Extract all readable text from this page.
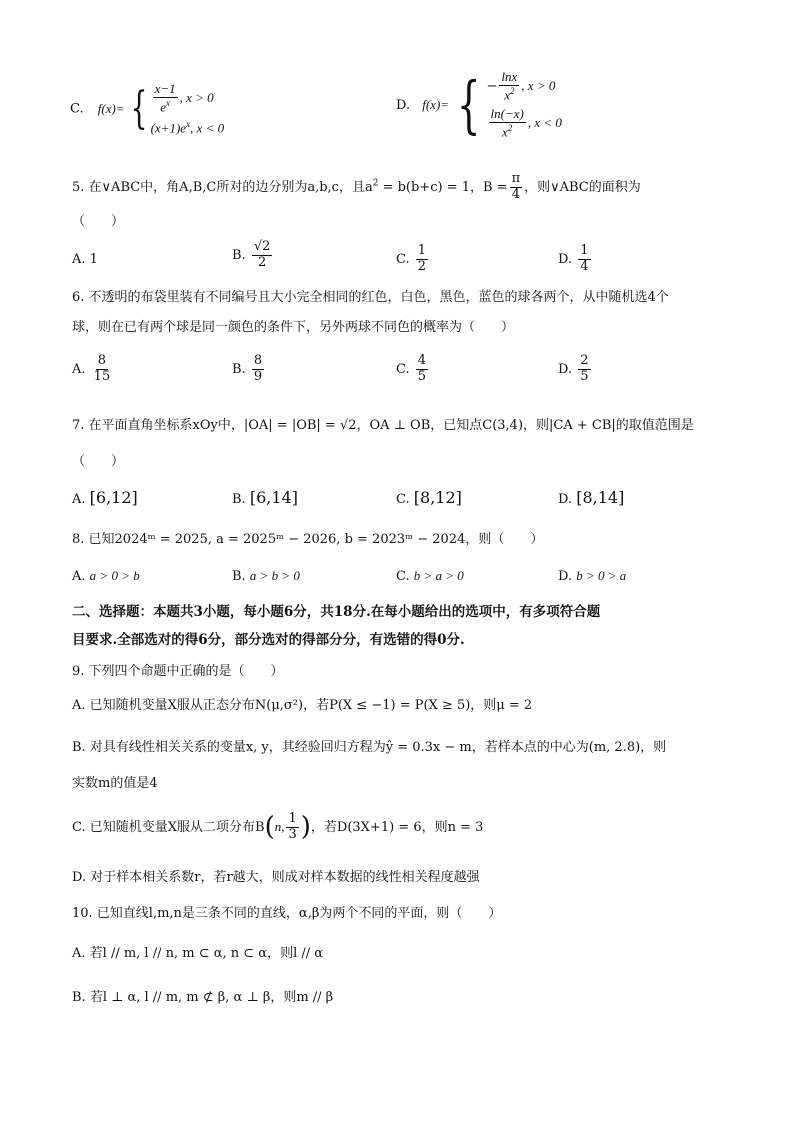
C. f(x)= { $\frac{x-1}{e^x}$ , x > 0
$(x+1)e^x$, x < 0
D. f(x)= { − $\frac{\ln x}{x^2}$ , x > 0
$\frac{\ln(-x)}{x^2}$ , x < 0
5. 在∨ABC中，角A,B,C所对的边分别为a,b,c，且$a^2 = b(b+c) = 1$，$B = \frac{\pi}{4}$ ，则∨ABC的面积为
（　　）
A. 1	B. $\frac{√2}{2}$	C. $\frac{1}{2}$	D. $\frac{1}{4}$
6. 不透明的布袋里装有不同编号且大小完全相同的红色，白色，黑色，蓝色的球各两个，从中随机选4个
球，则在已有两个球是同一颜色的条件下，另外两球不同色的概率为（　　）
A. $\frac{8}{15}$	B. $\frac{8}{9}$	C. $\frac{4}{5}$	D. $\frac{2}{5}$
7. 在平面直角坐标系xOy中，|OA| = |OB| = √2，OA ⊥ OB，已知点C(3,4)，则|CA + CB|的取值范围是
（　　）
A. [6,12]	B. [6,14]	C. [8,12]	D. [8,14]
8. 已知2024ᵐ = 2025, a = 2025ᵐ − 2026, b = 2023ᵐ − 2024，则（　　）
A. a > 0 > b	B. a > b > 0	C. b > a > 0	D. b > 0 > a
二、选择题：本题共3小题，每小题6分，共18分.在每小题给出的选项中，有多项符合题
目要求.全部选对的得6分，部分选对的得部分分，有选错的得0分.
9. 下列四个命题中正确的是（　　）
A. 已知随机变量X服从正态分布N(μ,σ²)，若P(X ≤ −1) = P(X ≥ 5)，则μ = 2
B. 对具有线性相关关系的变量x, y，其经验回归方程为ŷ = 0.3x − m，若样本点的中心为(m, 2.8)，则
实数m的值是4
C. 已知随机变量X服从二项分布B(n, $\frac{1}{3}$ )，若D(3X+1) = 6，则n = 3
D. 对于样本相关系数r，若r越大，则成对样本数据的线性相关程度越强
10. 已知直线l,m,n是三条不同的直线，α,β为两个不同的平面，则（　　）
A. 若l // m, l // n, m ⊂ α, n ⊂ α，则l // α
B. 若l ⊥ α, l // m, m ⊄ β, α ⊥ β，则m // β
